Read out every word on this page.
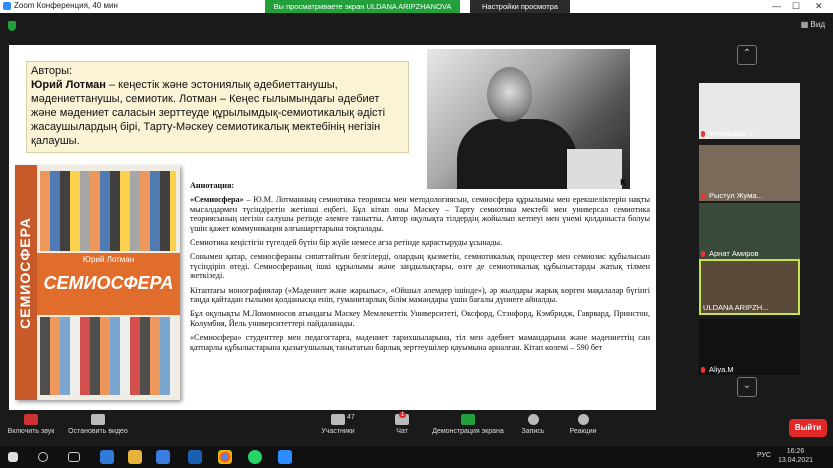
Zoom Конференция, 40 мин	— ☐ ✕
Вы просматриваете экран ULDANA ARIPZHANOVA	Настройки просмотра
▦ Вид
Авторы:
Юрий Лотман – кеңестік және эстониялық әдебиеттанушы, мәдениеттанушы, семиотик. Лотман – Кеңес ғылымындағы әдебиет және мәдениет саласын зерттеуде құрылымдық-семиотикалық әдісті жасаушылардың бірі, Тарту-Мәскеу семиотикалық мектебінің негізін қалаушы.
K
СЕМИОСФЕРА	Юрий Лотман
СЕМИОСФЕРА

Аннотация:

«Семиосфера» – Ю.М. Лотманның семиотика теориясы мен методологиясын, семиосфера құрылымы мен ерекшеліктерін нақты мысалдармен түсіндіретін жетінші еңбегі. Бұл кітап оны Мәскеу – Тарту семиотика мектебі мен универсал семиотика теориясының негізін салушы ретінде әлемге танытты. Автор оқулықта тілдердің жойылып кетпеуі мен үнемі қолданыста болуы үшін қажет коммуникация алғышарттарына тоқталады.

Семиотика кеңістігін түгелдей бүтін бір жүйе немесе ағза ретінде қарастыруды ұсынады.

Сонымен қатар, семиосфераны сипаттайтын белгілерді, олардың қызметін, семиотикалық процестер мен семиозис құбылысын түсіндіріп өтеді. Семиосфераның ішкі құрылымы және заңдылықтары, өзге де семиотикалық құбылыстарды жатық тілмен жеткізеді.

Кітаптағы монографиялар («Мәдениет және жарылыс», «Ойшыл әлемдер ішінде»), әр жылдары жарық көрген мақалалар бүгінгі таңда қайтадан ғылыми қолданысқа еніп, гуманитарлық білім мамандары үшін бағалы дүниеге айналды.

Бұл оқулықты М.Ломомносов атындағы Мәскеу Мемлекеттік Университеті, Оксфорд, Стэнфорд, Кэмбридж, Гаврвард, Принстон, Колумбия, Йель университеттері пайдаланады.

«Семиосфера» студенттер мен педагогтарға, мәдениет тарихшыларына, тіл мен әдебиет мамандарына және мәдениеттің сан қатпарлы құбылыстарына қызығушылық танытатын барлық зерттеушілер қауымына арналған. Кітап көлемі – 590 бет

⌃
Yerkebulan Y...
Рыстул Жума...
Арнат Амиров
ULDANA ARIPZH...
Aliya.M
⌄
Включить звук	Остановить видео	Участники
47	1
Чат	Демонстрация экрана	Запись	Реакции	Выйти
РУС
16:26
13.04.2021
